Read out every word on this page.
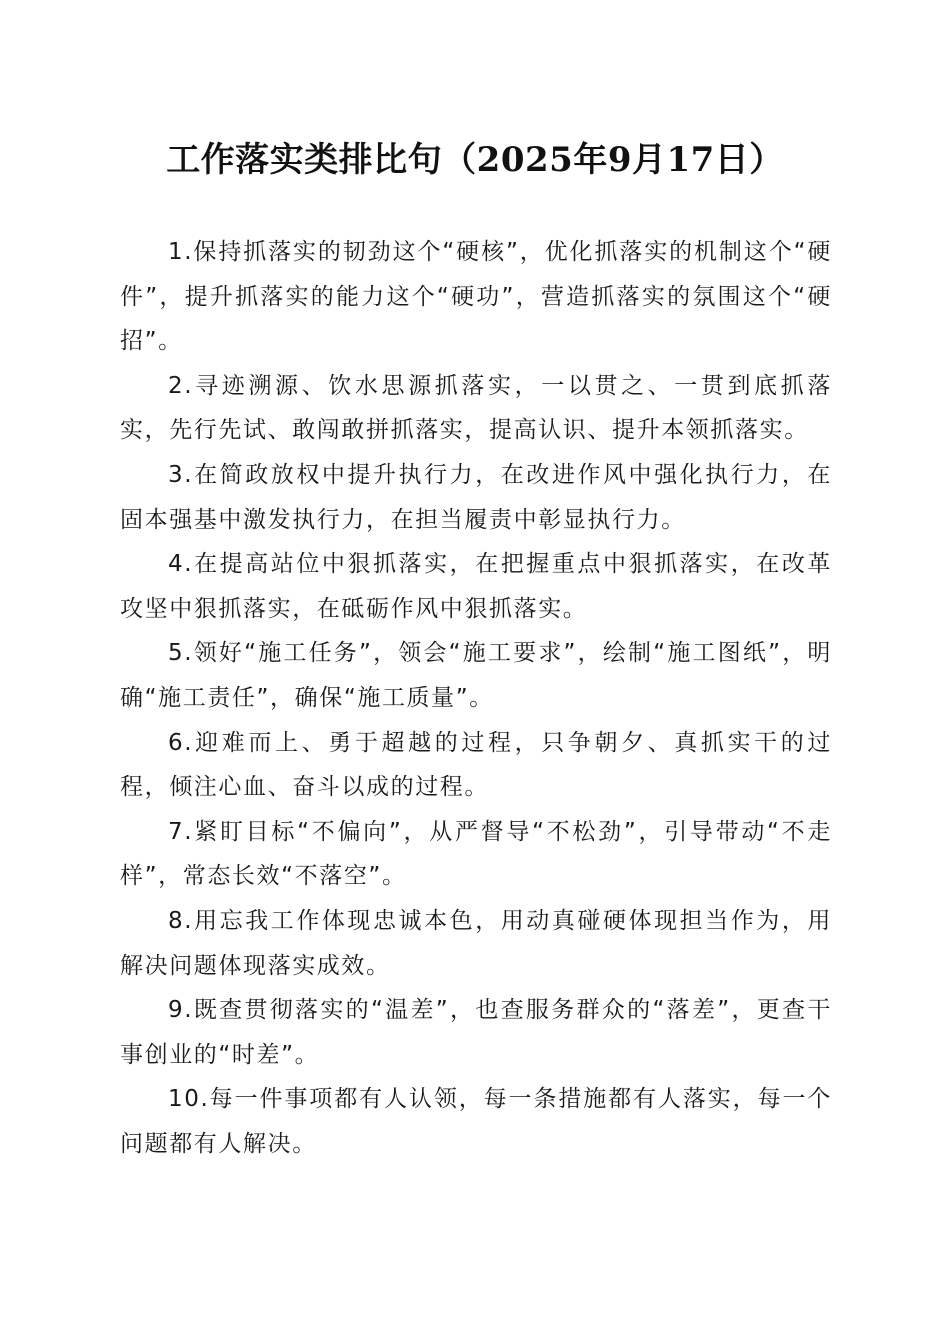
工作落实类排比句（2025年9月17日）

1.保持抓落实的韧劲这个“硬核”，优化抓落实的机制这个“硬件”，提升抓落实的能力这个“硬功”，营造抓落实的氛围这个“硬招”。

2.寻迹溯源、饮水思源抓落实，一以贯之、一贯到底抓落实，先行先试、敢闯敢拼抓落实，提高认识、提升本领抓落实。

3.在简政放权中提升执行力，在改进作风中强化执行力，在固本强基中激发执行力，在担当履责中彰显执行力。

4.在提高站位中狠抓落实，在把握重点中狠抓落实，在改革攻坚中狠抓落实，在砥砺作风中狠抓落实。

5.领好“施工任务”，领会“施工要求”，绘制“施工图纸”，明确“施工责任”，确保“施工质量”。

6.迎难而上、勇于超越的过程，只争朝夕、真抓实干的过程，倾注心血、奋斗以成的过程。

7.紧盯目标“不偏向”，从严督导“不松劲”，引导带动“不走样”，常态长效“不落空”。

8.用忘我工作体现忠诚本色，用动真碰硬体现担当作为，用解决问题体现落实成效。

9.既查贯彻落实的“温差”，也查服务群众的“落差”，更查干事创业的“时差”。

10.每一件事项都有人认领，每一条措施都有人落实，每一个问题都有人解决。
